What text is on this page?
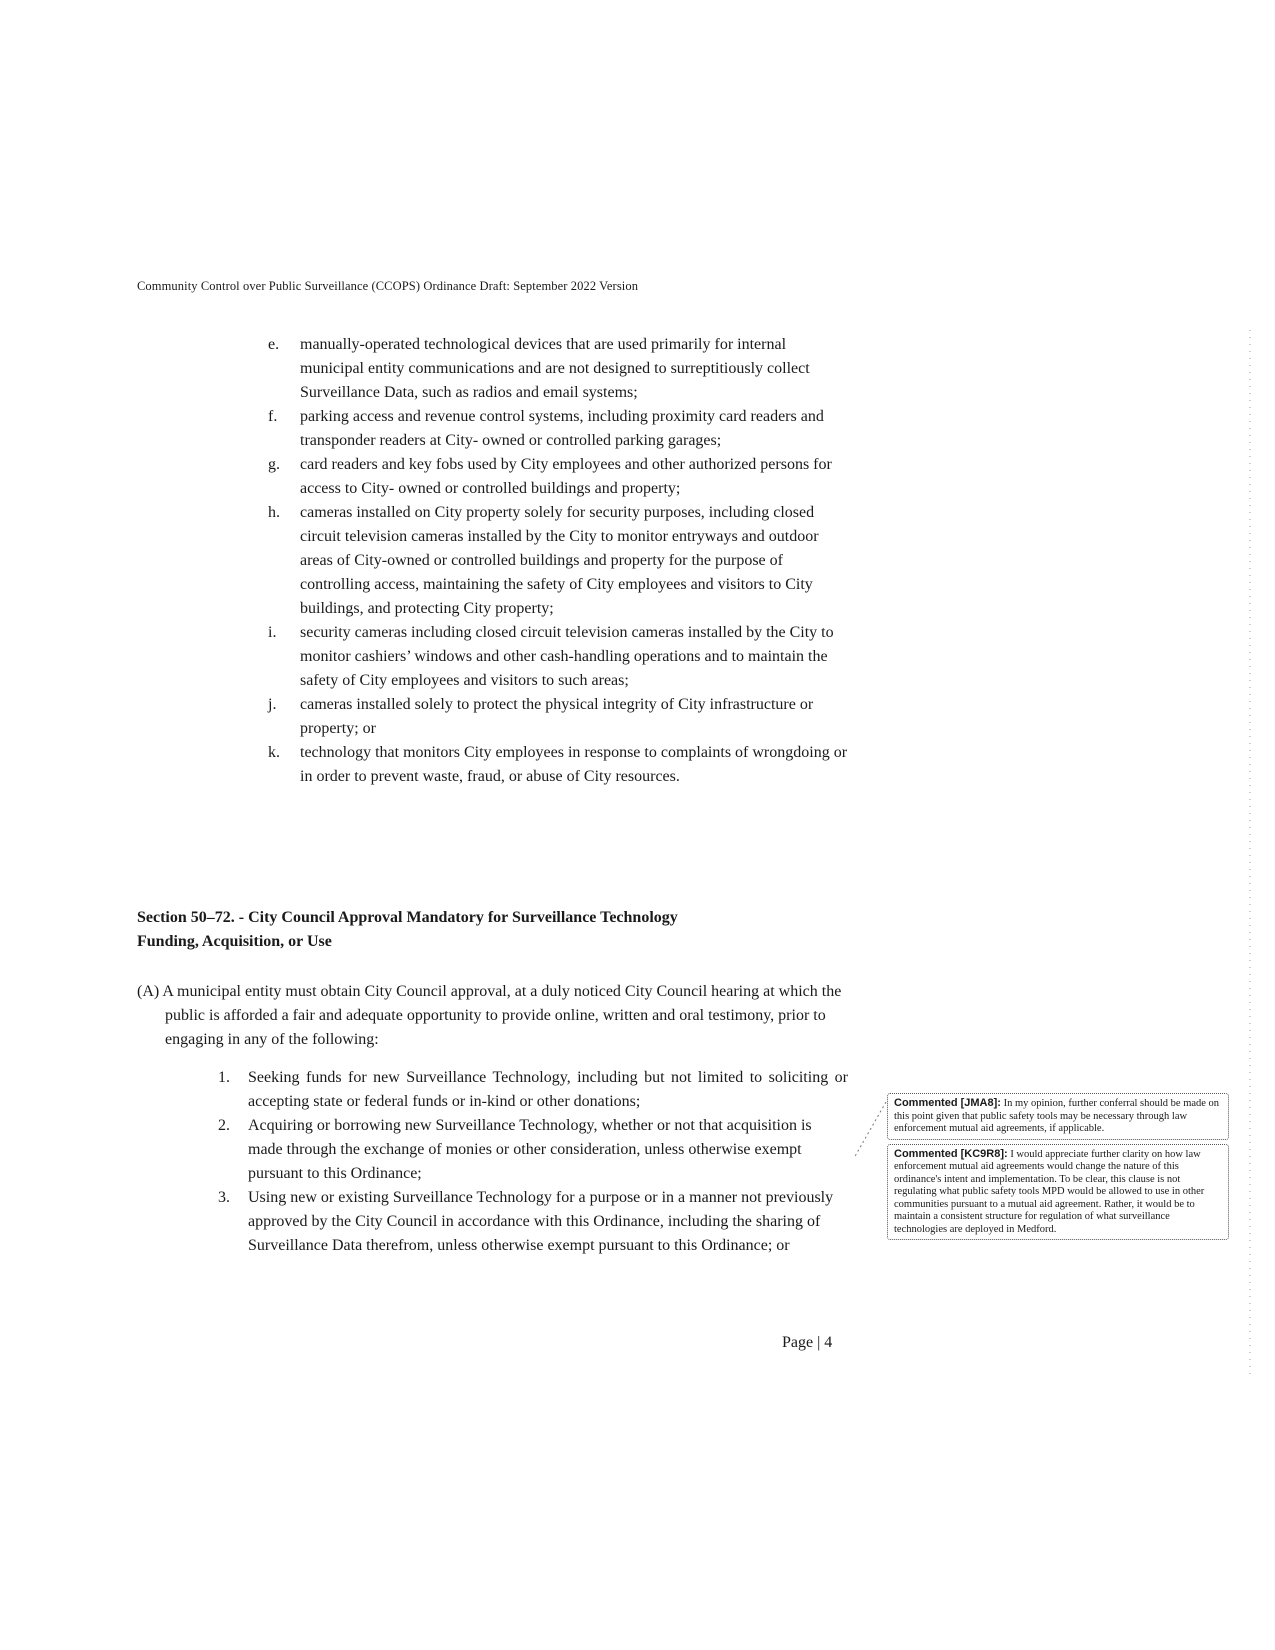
Community Control over Public Surveillance (CCOPS) Ordinance Draft: September 2022 Version
e. manually-operated technological devices that are used primarily for internal municipal entity communications and are not designed to surreptitiously collect Surveillance Data, such as radios and email systems;
f. parking access and revenue control systems, including proximity card readers and transponder readers at City- owned or controlled parking garages;
g. card readers and key fobs used by City employees and other authorized persons for access to City- owned or controlled buildings and property;
h. cameras installed on City property solely for security purposes, including closed circuit television cameras installed by the City to monitor entryways and outdoor areas of City-owned or controlled buildings and property for the purpose of controlling access, maintaining the safety of City employees and visitors to City buildings, and protecting City property;
i. security cameras including closed circuit television cameras installed by the City to monitor cashiers’ windows and other cash-handling operations and to maintain the safety of City employees and visitors to such areas;
j. cameras installed solely to protect the physical integrity of City infrastructure or property; or
k. technology that monitors City employees in response to complaints of wrongdoing or in order to prevent waste, fraud, or abuse of City resources.
Section 50–72. - City Council Approval Mandatory for Surveillance Technology
Funding, Acquisition, or Use
(A) A municipal entity must obtain City Council approval, at a duly noticed City Council hearing at which the public is afforded a fair and adequate opportunity to provide online, written and oral testimony, prior to engaging in any of the following:
1. Seeking funds for new Surveillance Technology, including but not limited to soliciting or accepting state or federal funds or in-kind or other donations;
2. Acquiring or borrowing new Surveillance Technology, whether or not that acquisition is made through the exchange of monies or other consideration, unless otherwise exempt pursuant to this Ordinance;
3. Using new or existing Surveillance Technology for a purpose or in a manner not previously approved by the City Council in accordance with this Ordinance, including the sharing of Surveillance Data therefrom, unless otherwise exempt pursuant to this Ordinance; or
Commented [JMA8]: In my opinion, further conferral should be made on this point given that public safety tools may be necessary through law enforcement mutual aid agreements, if applicable.
Commented [KC9R8]: I would appreciate further clarity on how law enforcement mutual aid agreements would change the nature of this ordinance's intent and implementation. To be clear, this clause is not regulating what public safety tools MPD would be allowed to use in other communities pursuant to a mutual aid agreement. Rather, it would be to maintain a consistent structure for regulation of what surveillance technologies are deployed in Medford.
Page | 4
